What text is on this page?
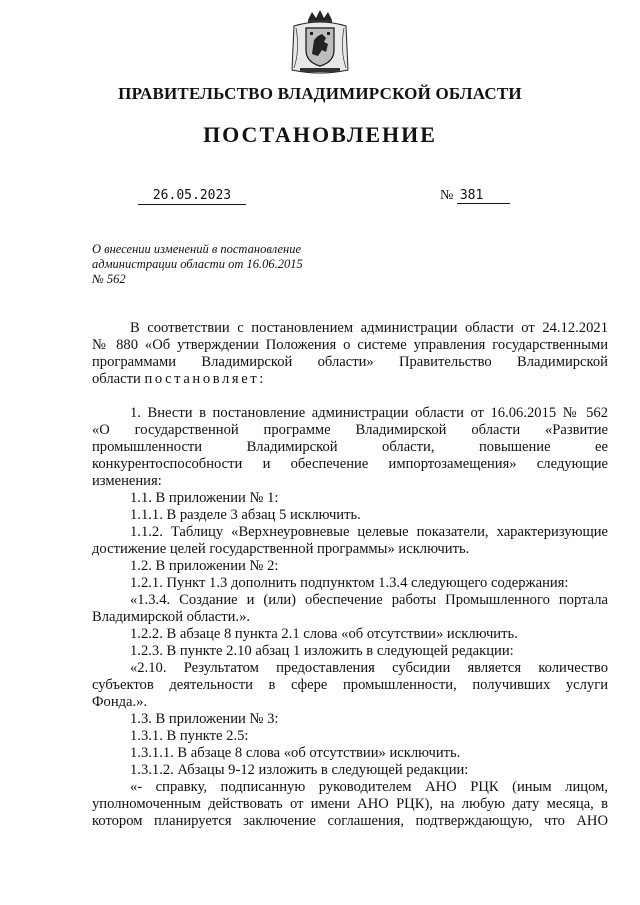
ПРАВИТЕЛЬСТВО ВЛАДИМИРСКОЙ ОБЛАСТИ
ПОСТАНОВЛЕНИЕ
26.05.2023	№ 381
О внесении изменений в постановление
администрации области от 16.06.2015
№ 562
В соответствии с постановлением администрации области от 24.12.2021
№ 880 «Об утверждении Положения о системе управления государственными
программами Владимирской области» Правительство Владимирской
области постановляет:
1. Внести в постановление администрации области от 16.06.2015 № 562
«О государственной программе Владимирской области «Развитие
промышленности Владимирской области, повышение ее
конкурентоспособности и обеспечение импортозамещения» следующие
изменения:
1.1. В приложении № 1:
1.1.1. В разделе 3 абзац 5 исключить.
1.1.2. Таблицу «Верхнеуровневые целевые показатели, характеризующие
достижение целей государственной программы» исключить.
1.2. В приложении № 2:
1.2.1. Пункт 1.3 дополнить подпунктом 1.3.4 следующего содержания:
«1.3.4. Создание и (или) обеспечение работы Промышленного портала
Владимирской области.».
1.2.2. В абзаце 8 пункта 2.1 слова «об отсутствии» исключить.
1.2.3. В пункте 2.10 абзац 1 изложить в следующей редакции:
«2.10. Результатом предоставления субсидии является количество
субъектов деятельности в сфере промышленности, получивших услуги
Фонда.».
1.3. В приложении № 3:
1.3.1. В пункте 2.5:
1.3.1.1. В абзаце 8 слова «об отсутствии» исключить.
1.3.1.2. Абзацы 9-12 изложить в следующей редакции:
«- справку, подписанную руководителем АНО РЦК (иным лицом,
уполномоченным действовать от имени АНО РЦК), на любую дату месяца, в
котором планируется заключение соглашения, подтверждающую, что АНО
